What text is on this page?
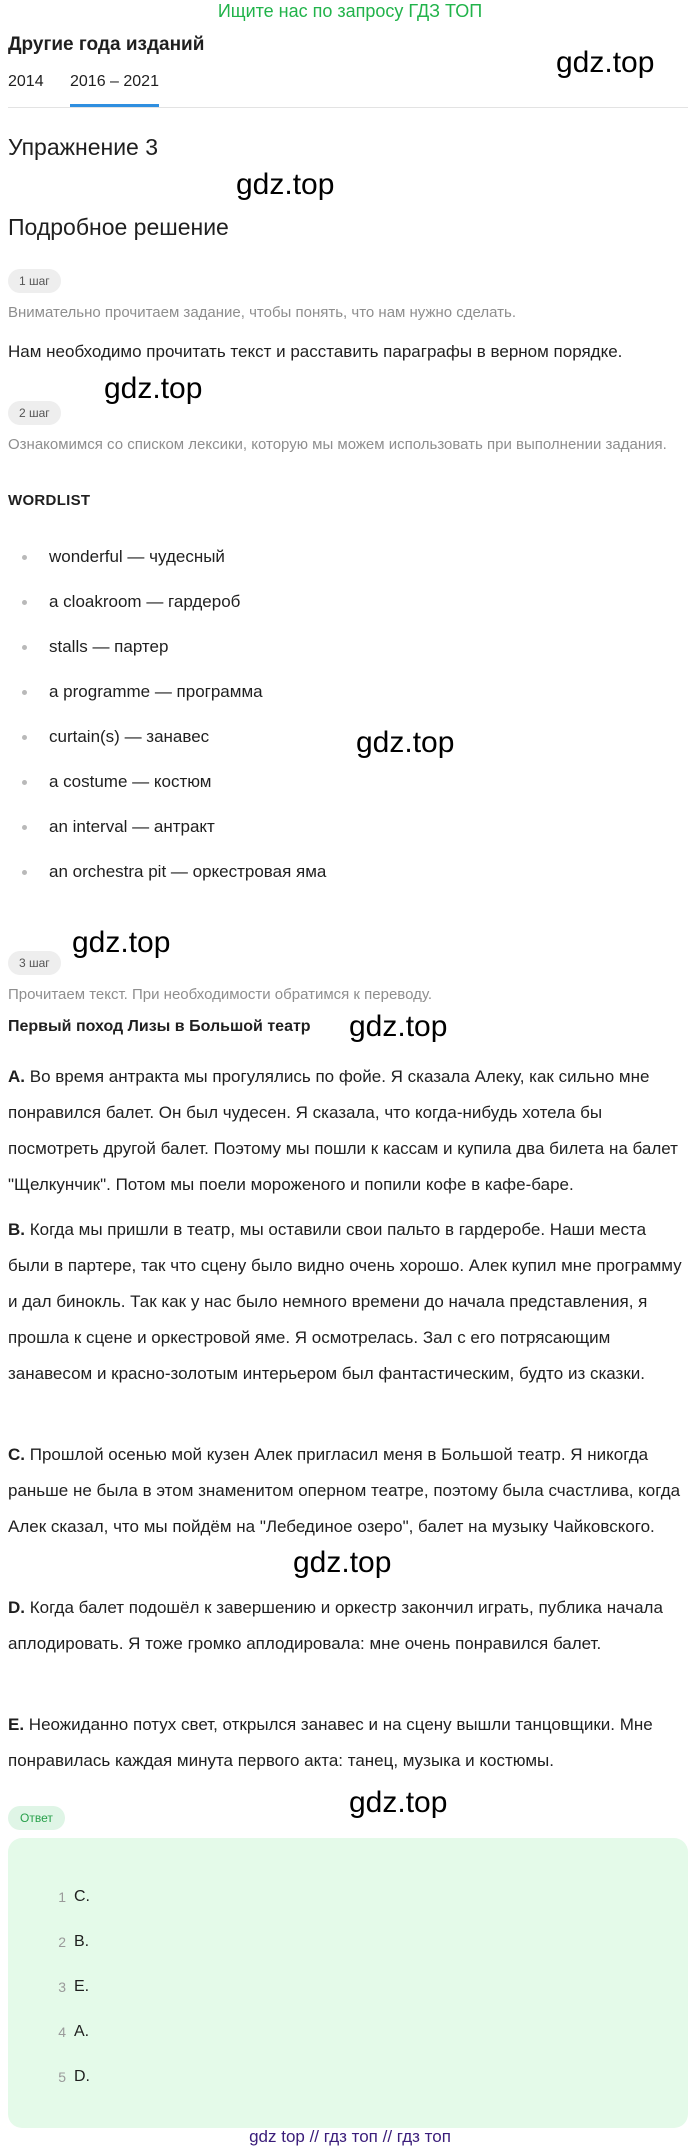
Ищите нас по запросу ГДЗ ТОП
Другие года изданий
2014 2016 – 2021
gdz.top
gdz.top
gdz.top
gdz.top
gdz.top
gdz.top
gdz.top
gdz.top
Упражнение 3
Подробное решение
1 шаг
Внимательно прочитаем задание, чтобы понять, что нам нужно сделать.
Нам необходимо прочитать текст и расставить параграфы в верном порядке.
2 шаг
Ознакомимся со списком лексики, которую мы можем использовать при выполнении задания.
WORDLIST
wonderful — чудесный
a cloakroom — гардероб
stalls — партер
a programme — программа
curtain(s) — занавес
a costume — костюм
an interval — антракт
an orchestra pit — оркестровая яма
3 шаг
Прочитаем текст. При необходимости обратимся к переводу.
Первый поход Лизы в Большой театр
A. Во время антракта мы прогулялись по фойе. Я сказала Алеку, как сильно мне понравился балет. Он был чудесен. Я сказала, что когда-нибудь хотела бы посмотреть другой балет. Поэтому мы пошли к кассам и купила два билета на балет "Щелкунчик". Потом мы поели мороженого и попили кофе в кафе-баре.
B. Когда мы пришли в театр, мы оставили свои пальто в гардеробе. Наши места были в партере, так что сцену было видно очень хорошо. Алек купил мне программу и дал бинокль. Так как у нас было немного времени до начала представления, я прошла к сцене и оркестровой яме. Я осмотрелась. Зал с его потрясающим занавесом и красно-золотым интерьером был фантастическим, будто из сказки.
C. Прошлой осенью мой кузен Алек пригласил меня в Большой театр. Я никогда раньше не была в этом знаменитом оперном театре, поэтому была счастлива, когда Алек сказал, что мы пойдём на "Лебединое озеро", балет на музыку Чайковского.
D. Когда балет подошёл к завершению и оркестр закончил играть, публика начала аплодировать. Я тоже громко аплодировала: мне очень понравился балет.
E. Неожиданно потух свет, открылся занавес и на сцену вышли танцовщики. Мне понравилась каждая минута первого акта: танец, музыка и костюмы.
Ответ
1 C.
2 B.
3 E.
4 A.
5 D.
gdz top // гдз топ // гдз топ
